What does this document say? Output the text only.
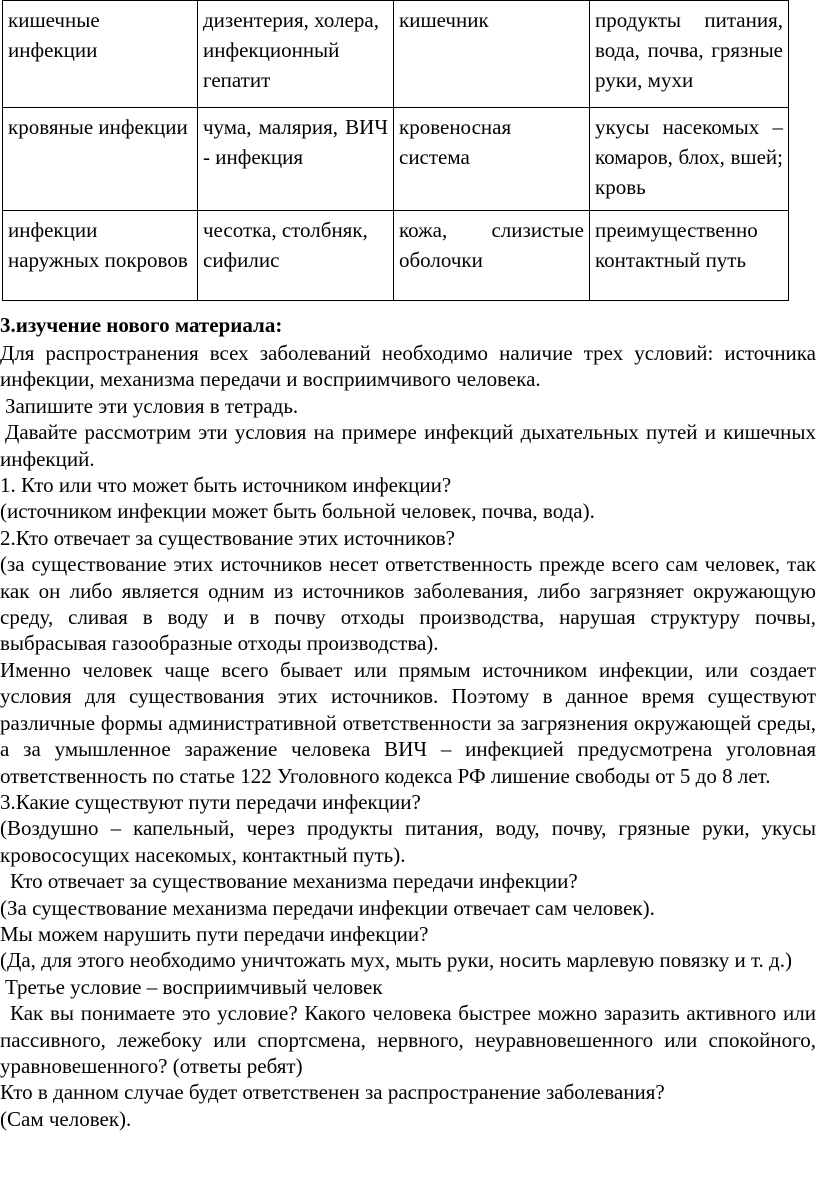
кишечные инфекции	дизентерия, холера, инфекционный гепатит	кишечник	продукты питания, вода, почва, грязные руки, мухи
кровяные инфекции	чума, малярия, ВИЧ - инфекция	кровеносная система	укусы насекомых – комаров, блох, вшей; кровь
инфекции наружных покровов	чесотка, столбняк, сифилис	кожа, слизистые оболочки	преимущественно контактный путь

3.изучение нового материала:

Для распространения всех заболеваний необходимо наличие трех условий: источника инфекции, механизма передачи и восприимчивого человека.

Запишите эти условия в тетрадь.

Давайте рассмотрим эти условия на примере инфекций дыхательных путей и кишечных инфекций.

1. Кто или что может быть источником инфекции?

(источником инфекции может быть больной человек, почва, вода).

2.Кто отвечает за существование этих источников?

(за существование этих источников несет ответственность прежде всего сам человек, так как он либо является одним из источников заболевания, либо загрязняет окружающую среду, сливая в воду и в почву отходы производства, нарушая структуру почвы, выбрасывая газообразные отходы производства).

Именно человек чаще всего бывает или прямым источником инфекции, или создает условия для существования этих источников. Поэтому в данное время существуют различные формы административной ответственности за загрязнения окружающей среды, а за умышленное заражение человека ВИЧ – инфекцией предусмотрена уголовная ответственность по статье 122 Уголовного кодекса РФ лишение свободы от 5 до 8 лет.

3.Какие существуют пути передачи инфекции?

(Воздушно – капельный, через продукты питания, воду, почву, грязные руки, укусы кровососущих насекомых, контактный путь).

Кто отвечает за существование механизма передачи инфекции?

(За существование механизма передачи инфекции отвечает сам человек).

Мы можем нарушить пути передачи инфекции?

(Да, для этого необходимо уничтожать мух, мыть руки, носить марлевую повязку и т. д.)

Третье условие – восприимчивый человек

Как вы понимаете это условие? Какого человека быстрее можно заразить активного или пассивного, лежебоку или спортсмена, нервного, неуравновешенного или спокойного, уравновешенного? (ответы ребят)

Кто в данном случае будет ответственен за распространение заболевания?

(Сам человек).
